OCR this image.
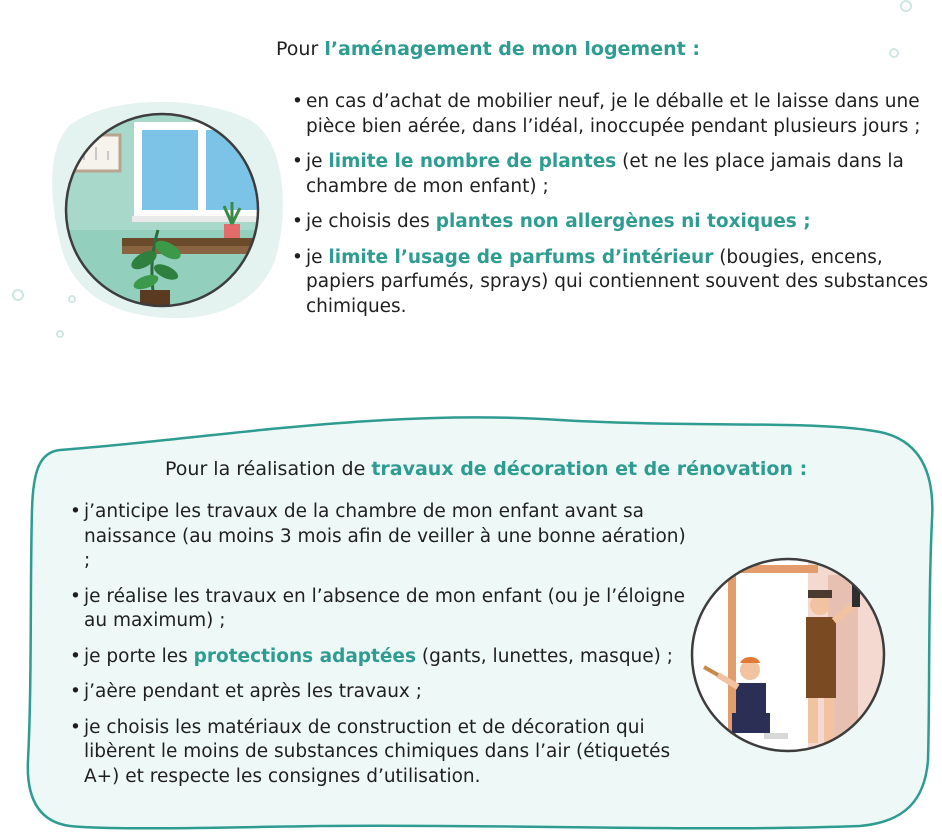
Pour l’aménagement de mon logement :
• en cas d’achat de mobilier neuf, je le déballe et le laisse dans une pièce bien aérée, dans l’idéal, inoccupée pendant plusieurs jours ;
• je limite le nombre de plantes (et ne les place jamais dans la chambre de mon enfant) ;
• je choisis des plantes non allergènes ni toxiques ;
• je limite l’usage de parfums d’intérieur (bougies, encens, papiers parfumés, sprays) qui contiennent souvent des substances chimiques.
Pour la réalisation de travaux de décoration et de rénovation :
• j’anticipe les travaux de la chambre de mon enfant avant sa naissance (au moins 3 mois afin de veiller à une bonne aération) ;
• je réalise les travaux en l’absence de mon enfant (ou je l’éloigne au maximum) ;
• je porte les protections adaptées (gants, lunettes, masque) ;
• j’aère pendant et après les travaux ;
• je choisis les matériaux de construction et de décoration qui libèrent le moins de substances chimiques dans l’air (étiquetés A+) et respecte les consignes d’utilisation.
